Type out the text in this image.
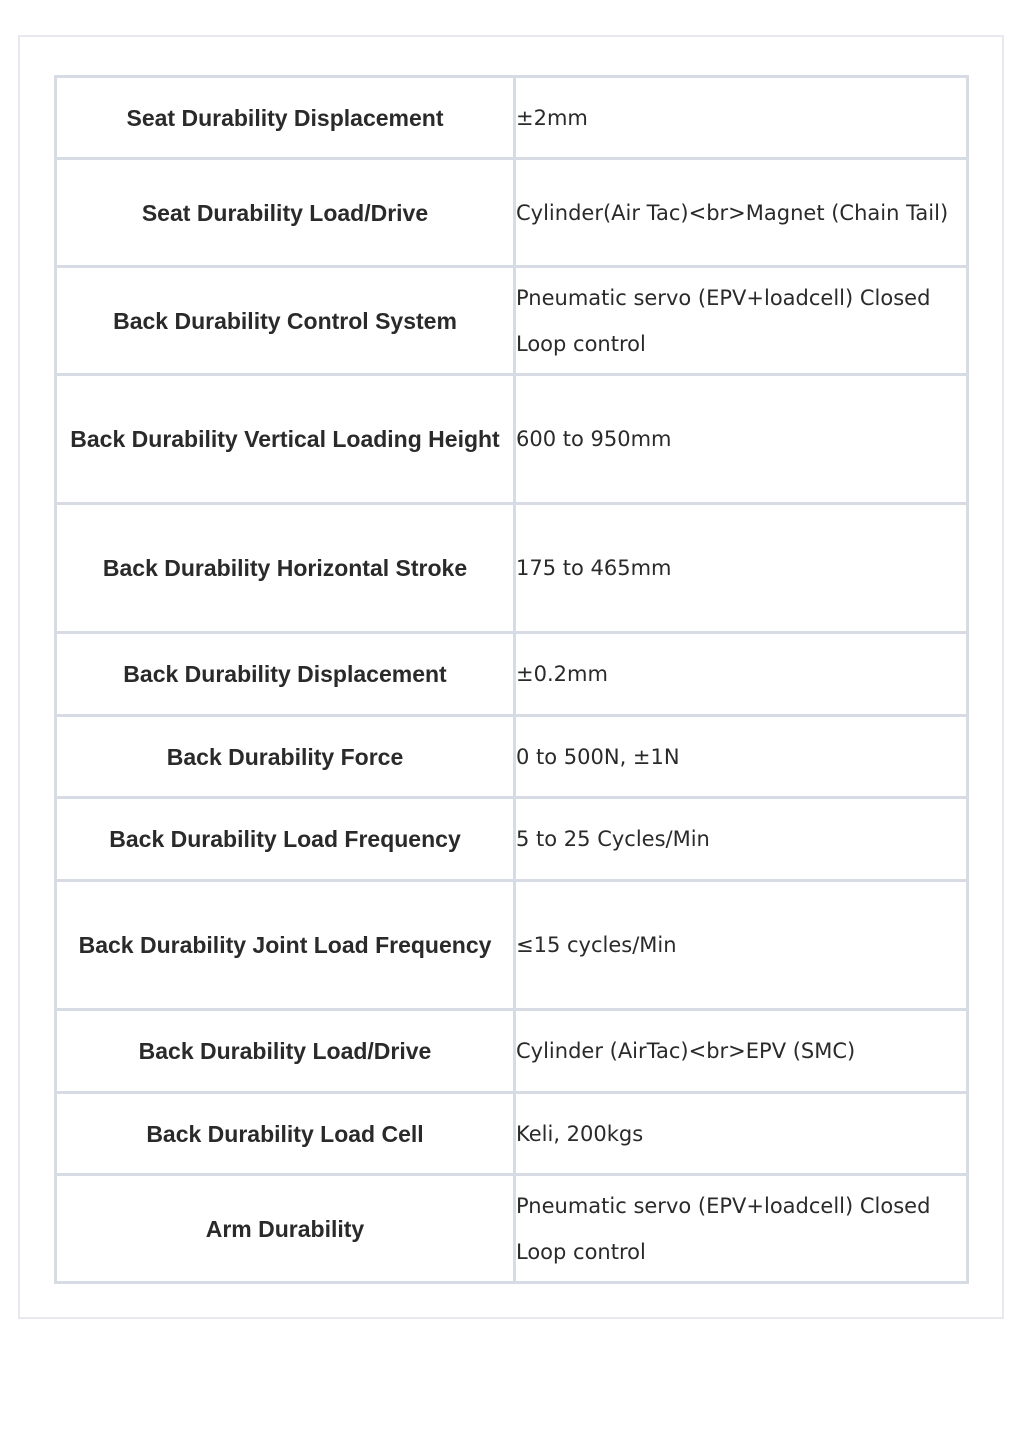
Seat Durability Displacement	±2mm
Seat Durability Load/Drive	Cylinder(Air Tac)<br>Magnet (Chain Tail)
Back Durability Control System	Pneumatic servo (EPV+loadcell) Closed Loop control
Back Durability Vertical Loading Height	600 to 950mm
Back Durability Horizontal Stroke	175 to 465mm
Back Durability Displacement	±0.2mm
Back Durability Force	0 to 500N, ±1N
Back Durability Load Frequency	5 to 25 Cycles/Min
Back Durability Joint Load Frequency	≤15 cycles/Min
Back Durability Load/Drive	Cylinder (AirTac)<br>EPV (SMC)
Back Durability Load Cell	Keli, 200kgs
Arm Durability	Pneumatic servo (EPV+loadcell) Closed Loop control
